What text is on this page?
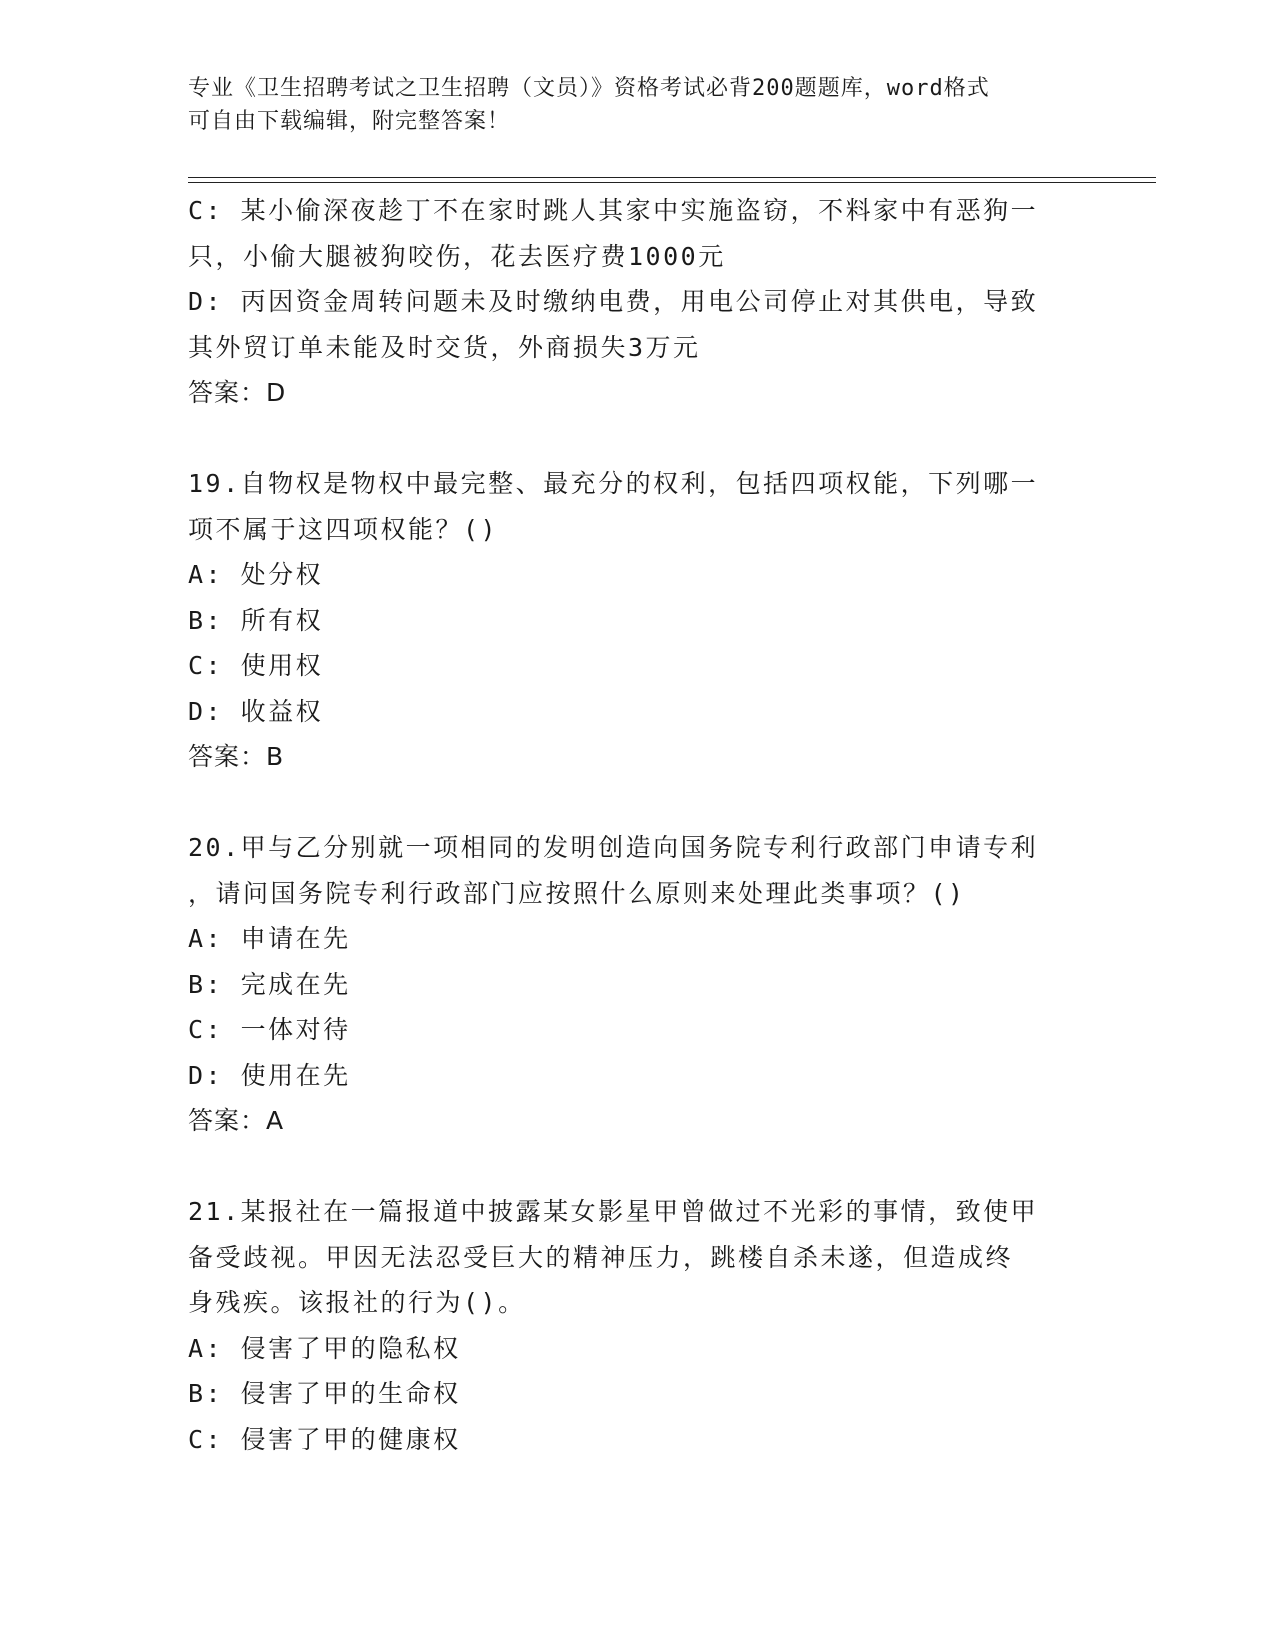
专业《卫生招聘考试之卫生招聘（文员）》资格考试必背200题题库，word格式
可自由下载编辑，附完整答案！
C: 某小偷深夜趁丁不在家时跳人其家中实施盗窃，不料家中有恶狗一
只，小偷大腿被狗咬伤，花去医疗费1000元
D: 丙因资金周转问题未及时缴纳电费，用电公司停止对其供电，导致
其外贸订单未能及时交货，外商损失3万元
答案：D
19.自物权是物权中最完整、最充分的权利，包括四项权能，下列哪一
项不属于这四项权能？()
A: 处分权
B: 所有权
C: 使用权
D: 收益权
答案：B
20.甲与乙分别就一项相同的发明创造向国务院专利行政部门申请专利
，请问国务院专利行政部门应按照什么原则来处理此类事项？()
A: 申请在先
B: 完成在先
C: 一体对待
D: 使用在先
答案：A
21.某报社在一篇报道中披露某女影星甲曾做过不光彩的事情，致使甲
备受歧视。甲因无法忍受巨大的精神压力，跳楼自杀未遂，但造成终
身残疾。该报社的行为()。
A: 侵害了甲的隐私权
B: 侵害了甲的生命权
C: 侵害了甲的健康权
